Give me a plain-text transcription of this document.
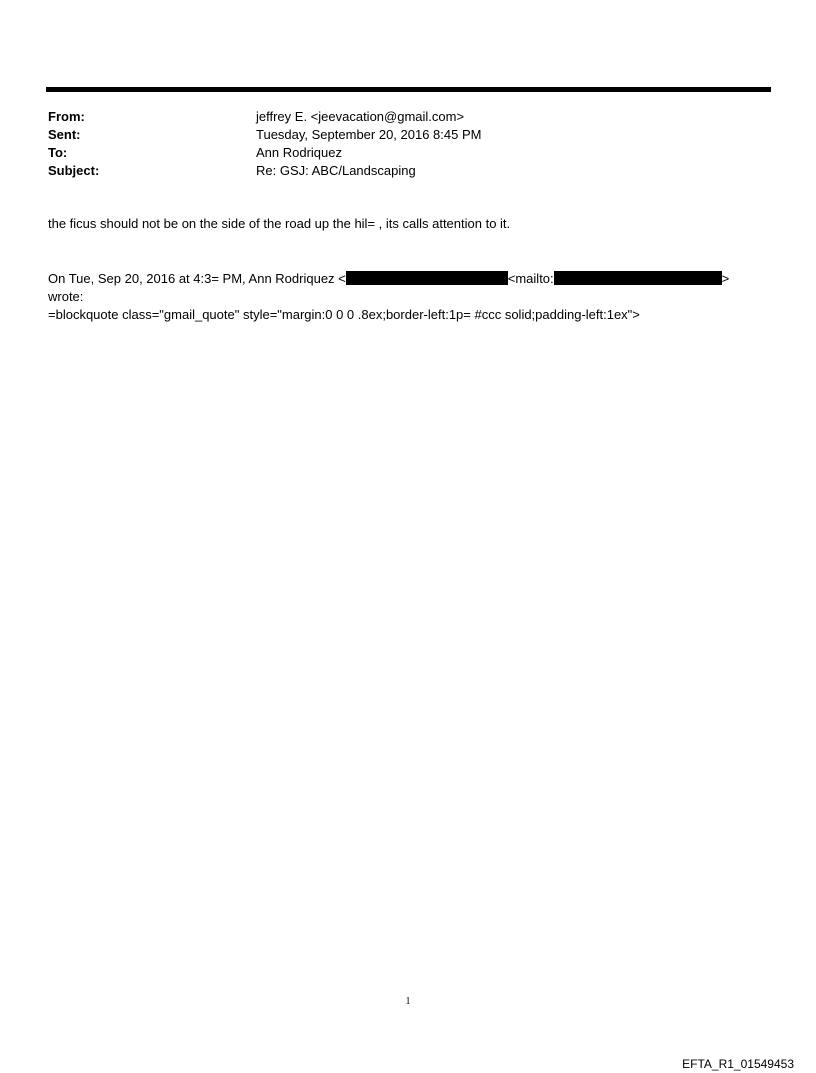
From:	jeffrey E. <jeevacation@gmail.com>
Sent:	Tuesday, September 20, 2016 8:45 PM
To:	Ann Rodriquez
Subject:	Re: GSJ: ABC/Landscaping
the ficus should not be on the side of the road up the hil= , its calls attention to it.
On Tue, Sep 20, 2016 at 4:3= PM, Ann Rodriquez <	<mailto:	>
wrote:
=blockquote class="gmail_quote" style="margin:0 0 0 .8ex;border-left:1p= #ccc solid;padding-left:1ex">
1
EFTA_R1_01549453
